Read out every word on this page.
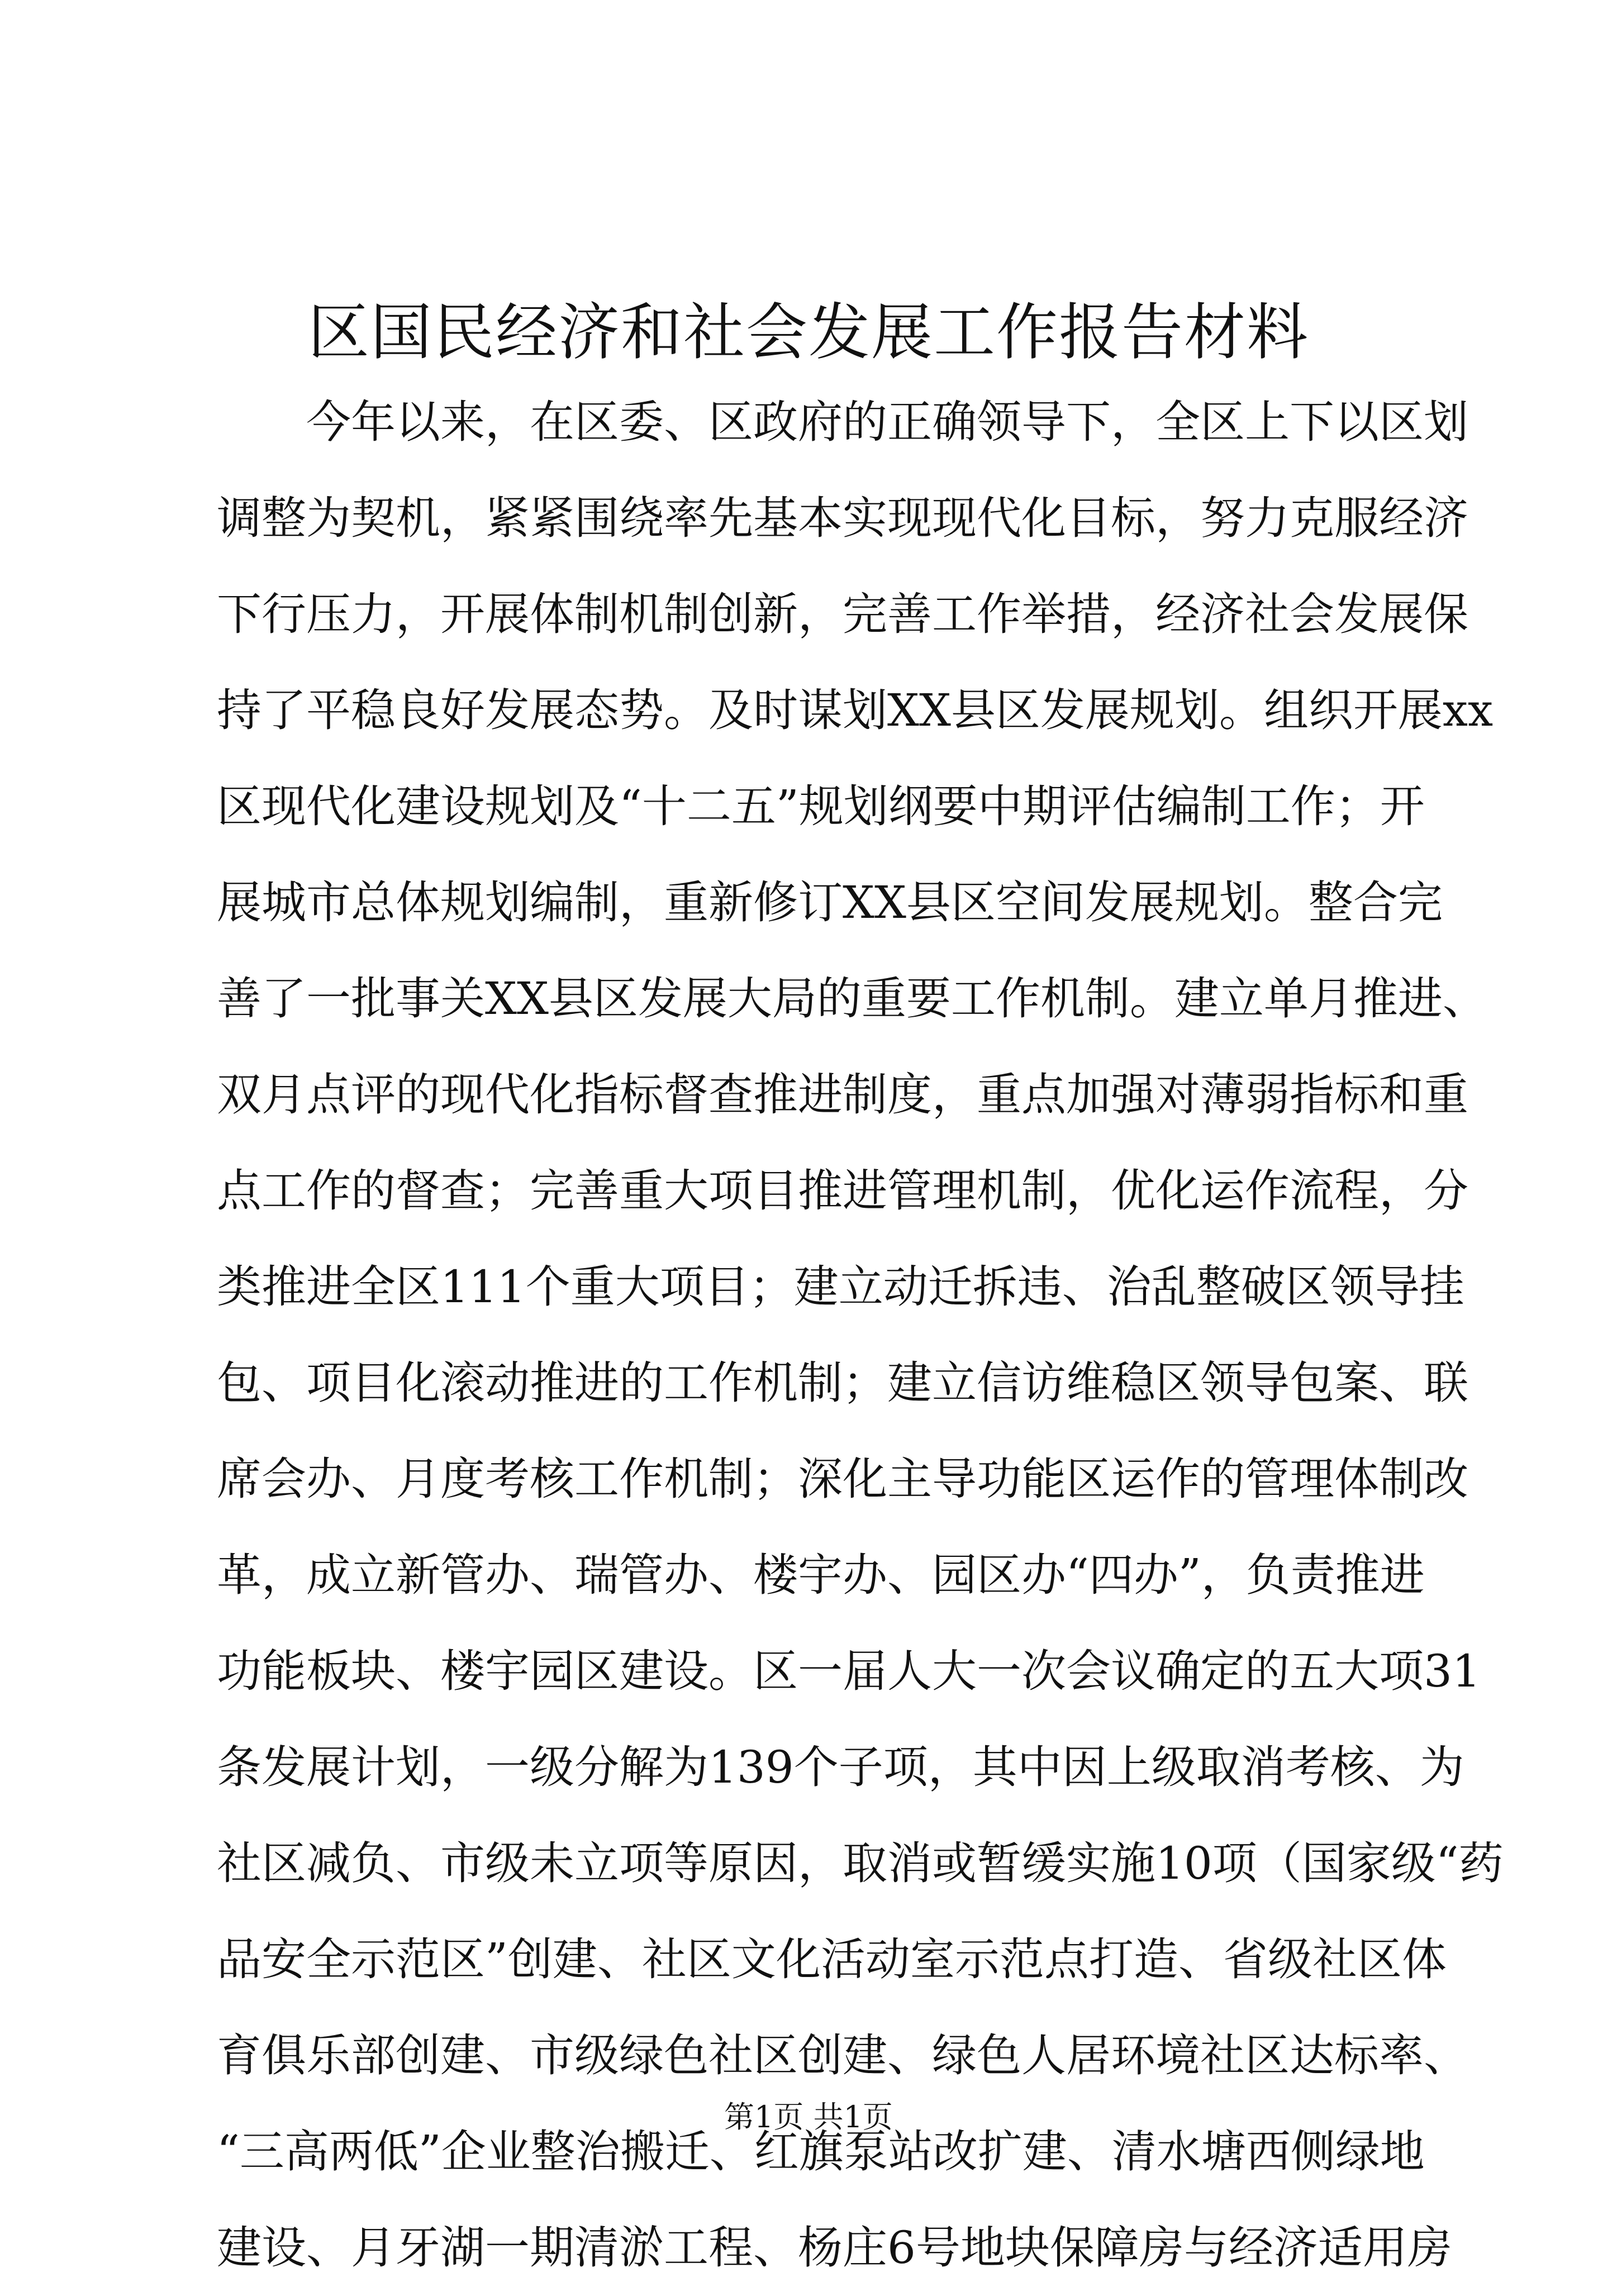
区国民经济和社会发展工作报告材料
今年以来，在区委、区政府的正确领导下，全区上下以区划
调整为契机，紧紧围绕率先基本实现现代化目标，努力克服经济
下行压力，开展体制机制创新，完善工作举措，经济社会发展保
持了平稳良好发展态势。及时谋划XX县区发展规划。组织开展xx
区现代化建设规划及“十二五”规划纲要中期评估编制工作；开
展城市总体规划编制，重新修订XX县区空间发展规划。整合完
善了一批事关XX县区发展大局的重要工作机制。建立单月推进、
双月点评的现代化指标督查推进制度，重点加强对薄弱指标和重
点工作的督查；完善重大项目推进管理机制，优化运作流程，分
类推进全区111个重大项目；建立动迁拆违、治乱整破区领导挂
包、项目化滚动推进的工作机制；建立信访维稳区领导包案、联
席会办、月度考核工作机制；深化主导功能区运作的管理体制改
革，成立新管办、瑞管办、楼宇办、园区办“四办”，负责推进
功能板块、楼宇园区建设。区一届人大一次会议确定的五大项31
条发展计划，一级分解为139个子项，其中因上级取消考核、为
社区减负、市级未立项等原因，取消或暂缓实施10项（国家级“药
品安全示范区”创建、社区文化活动室示范点打造、省级社区体
育俱乐部创建、市级绿色社区创建、绿色人居环境社区达标率、
“三高两低”企业整治搬迁、红旗泵站改扩建、清水塘西侧绿地
建设、月牙湖一期清淤工程、杨庄6号地块保障房与经济适用房
第1页 共1页
